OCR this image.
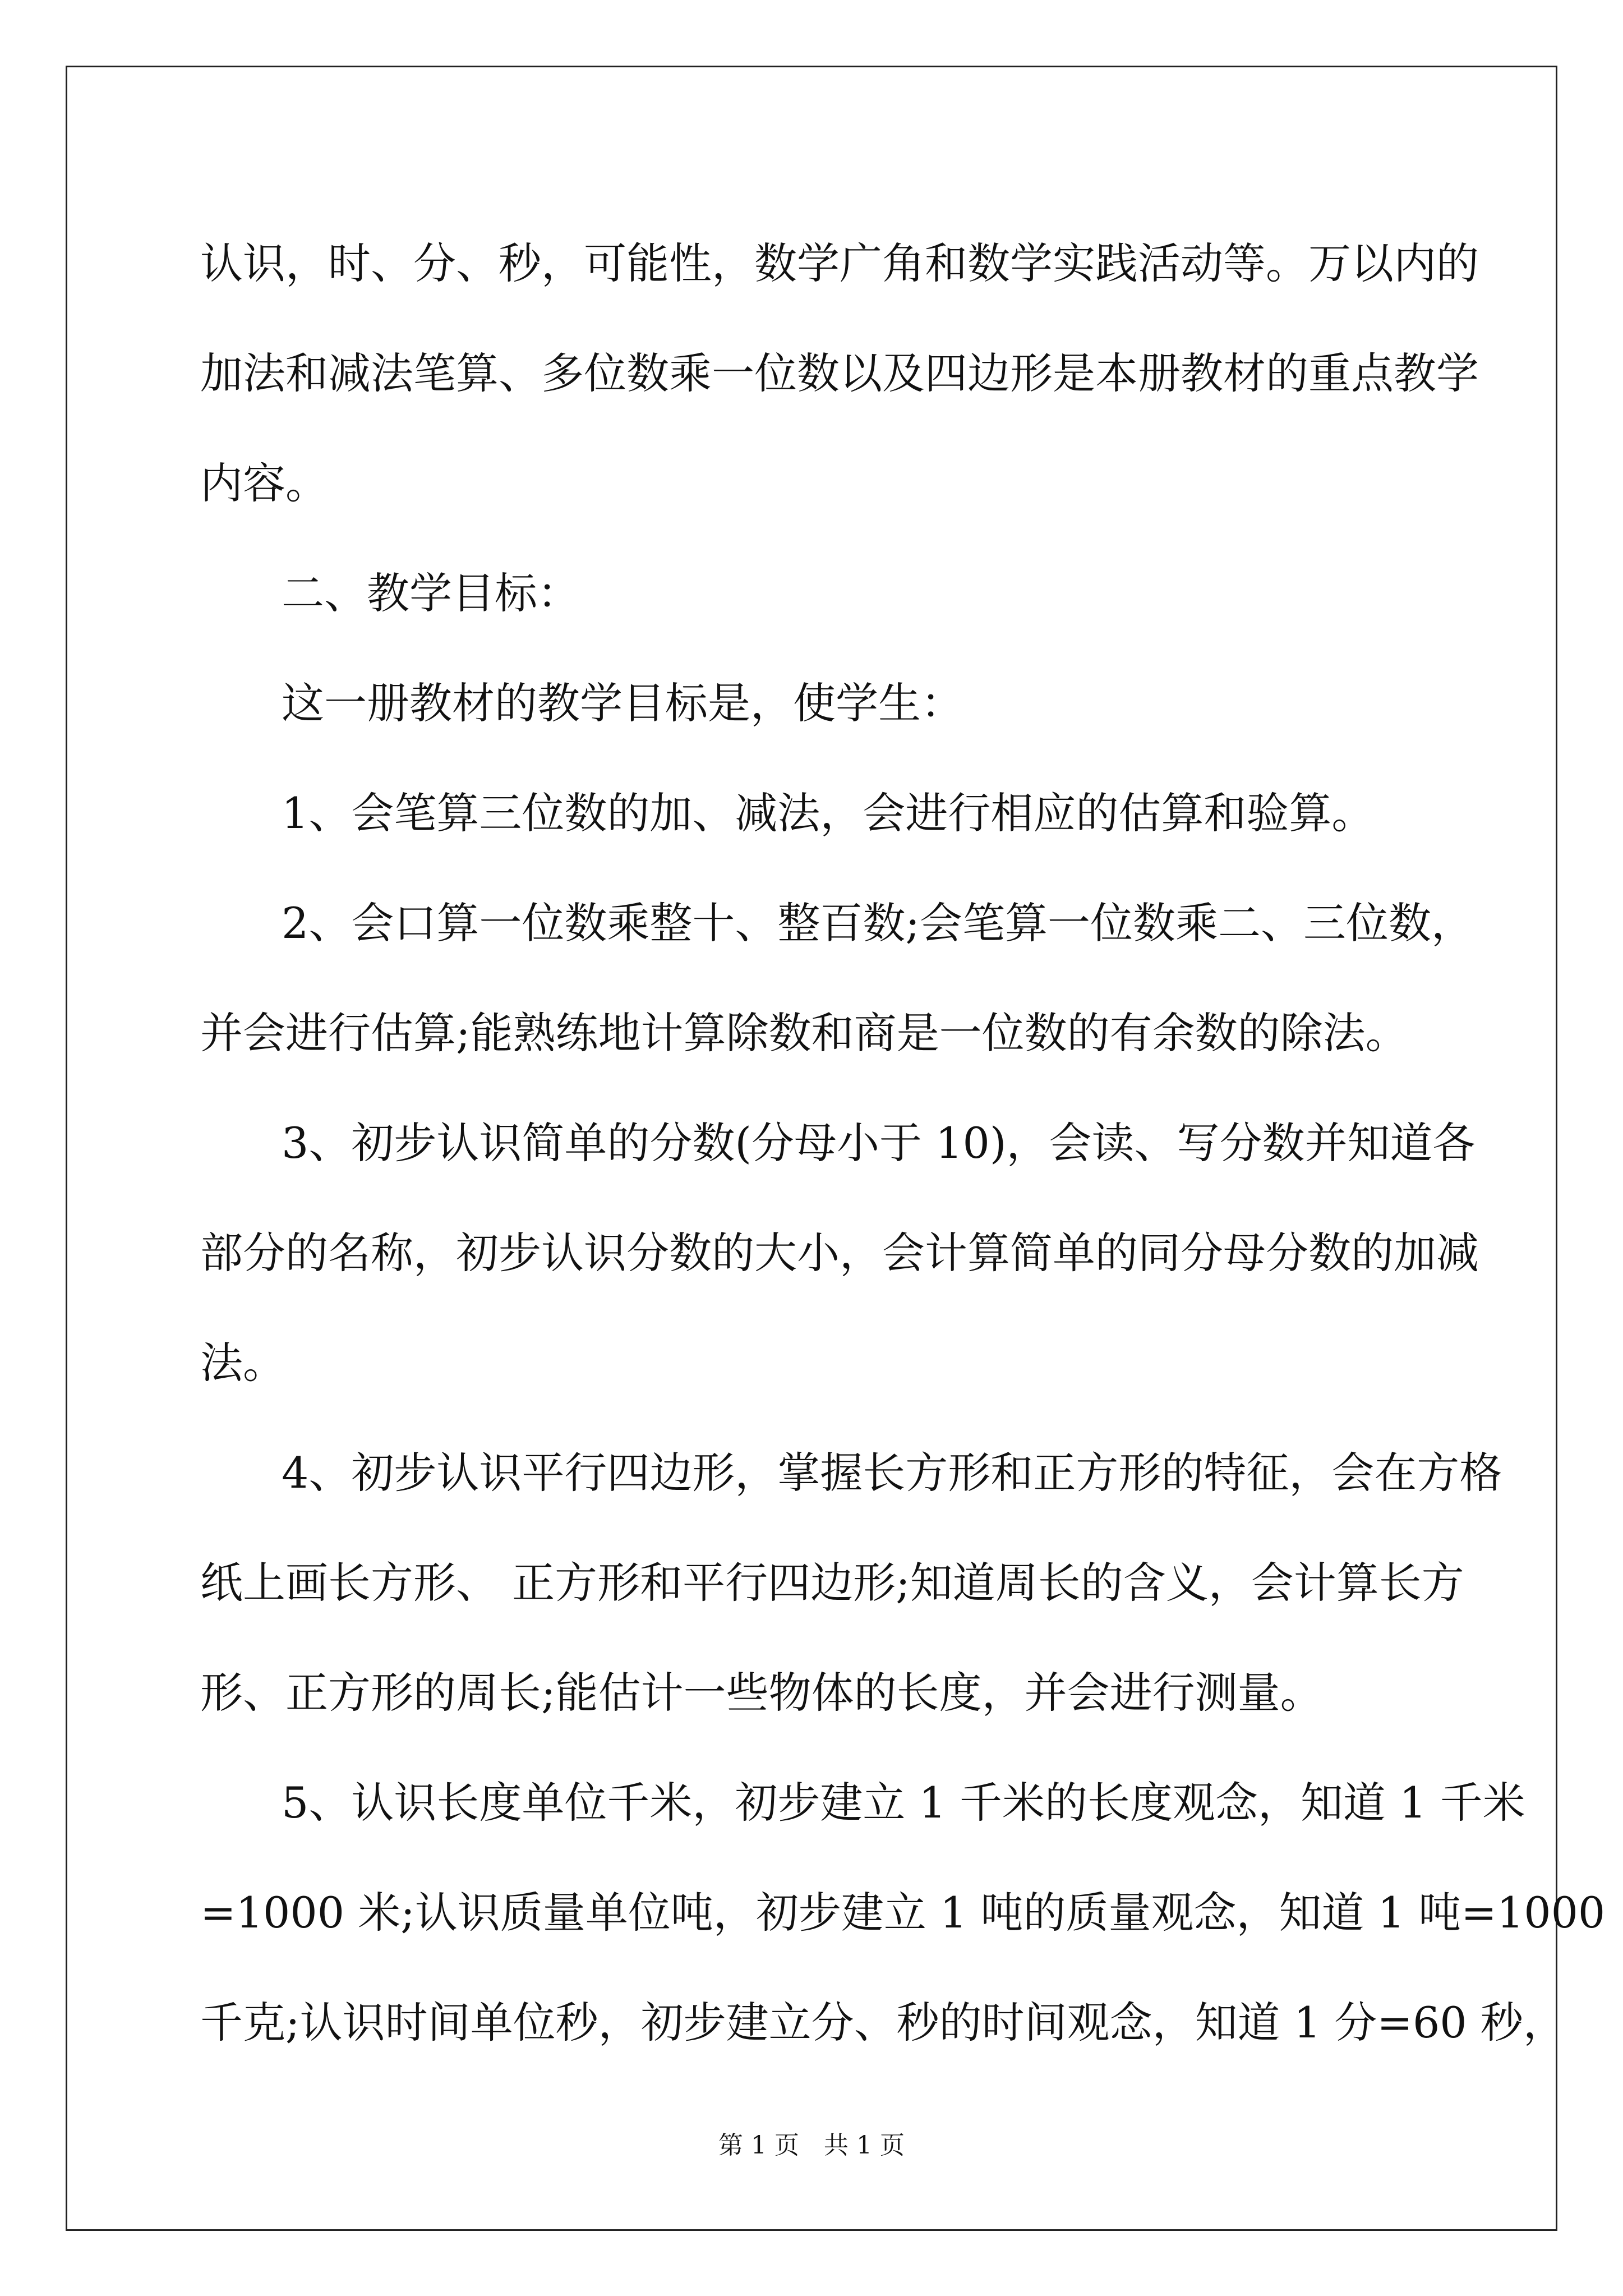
认识，时、分、秒，可能性，数学广角和数学实践活动等。万以内的

加法和减法笔算、多位数乘一位数以及四边形是本册教材的重点教学

内容。

二、教学目标：

这一册教材的教学目标是，使学生：

1、会笔算三位数的加、减法，会进行相应的估算和验算。

2、会口算一位数乘整十、整百数;会笔算一位数乘二、三位数，

并会进行估算;能熟练地计算除数和商是一位数的有余数的除法。

3、初步认识简单的分数(分母小于 10)，会读、写分数并知道各

部分的名称，初步认识分数的大小，会计算简单的同分母分数的加减

法。

4、初步认识平行四边形，掌握长方形和正方形的特征，会在方格

纸上画长方形、 正方形和平行四边形;知道周长的含义，会计算长方

形、正方形的周长;能估计一些物体的长度，并会进行测量。

5、认识长度单位千米，初步建立 1 千米的长度观念，知道 1 千米

=1000 米;认识质量单位吨，初步建立 1 吨的质量观念，知道 1 吨=1000

千克;认识时间单位秒，初步建立分、秒的时间观念，知道 1 分=60 秒，

第 1 页　共 1 页
